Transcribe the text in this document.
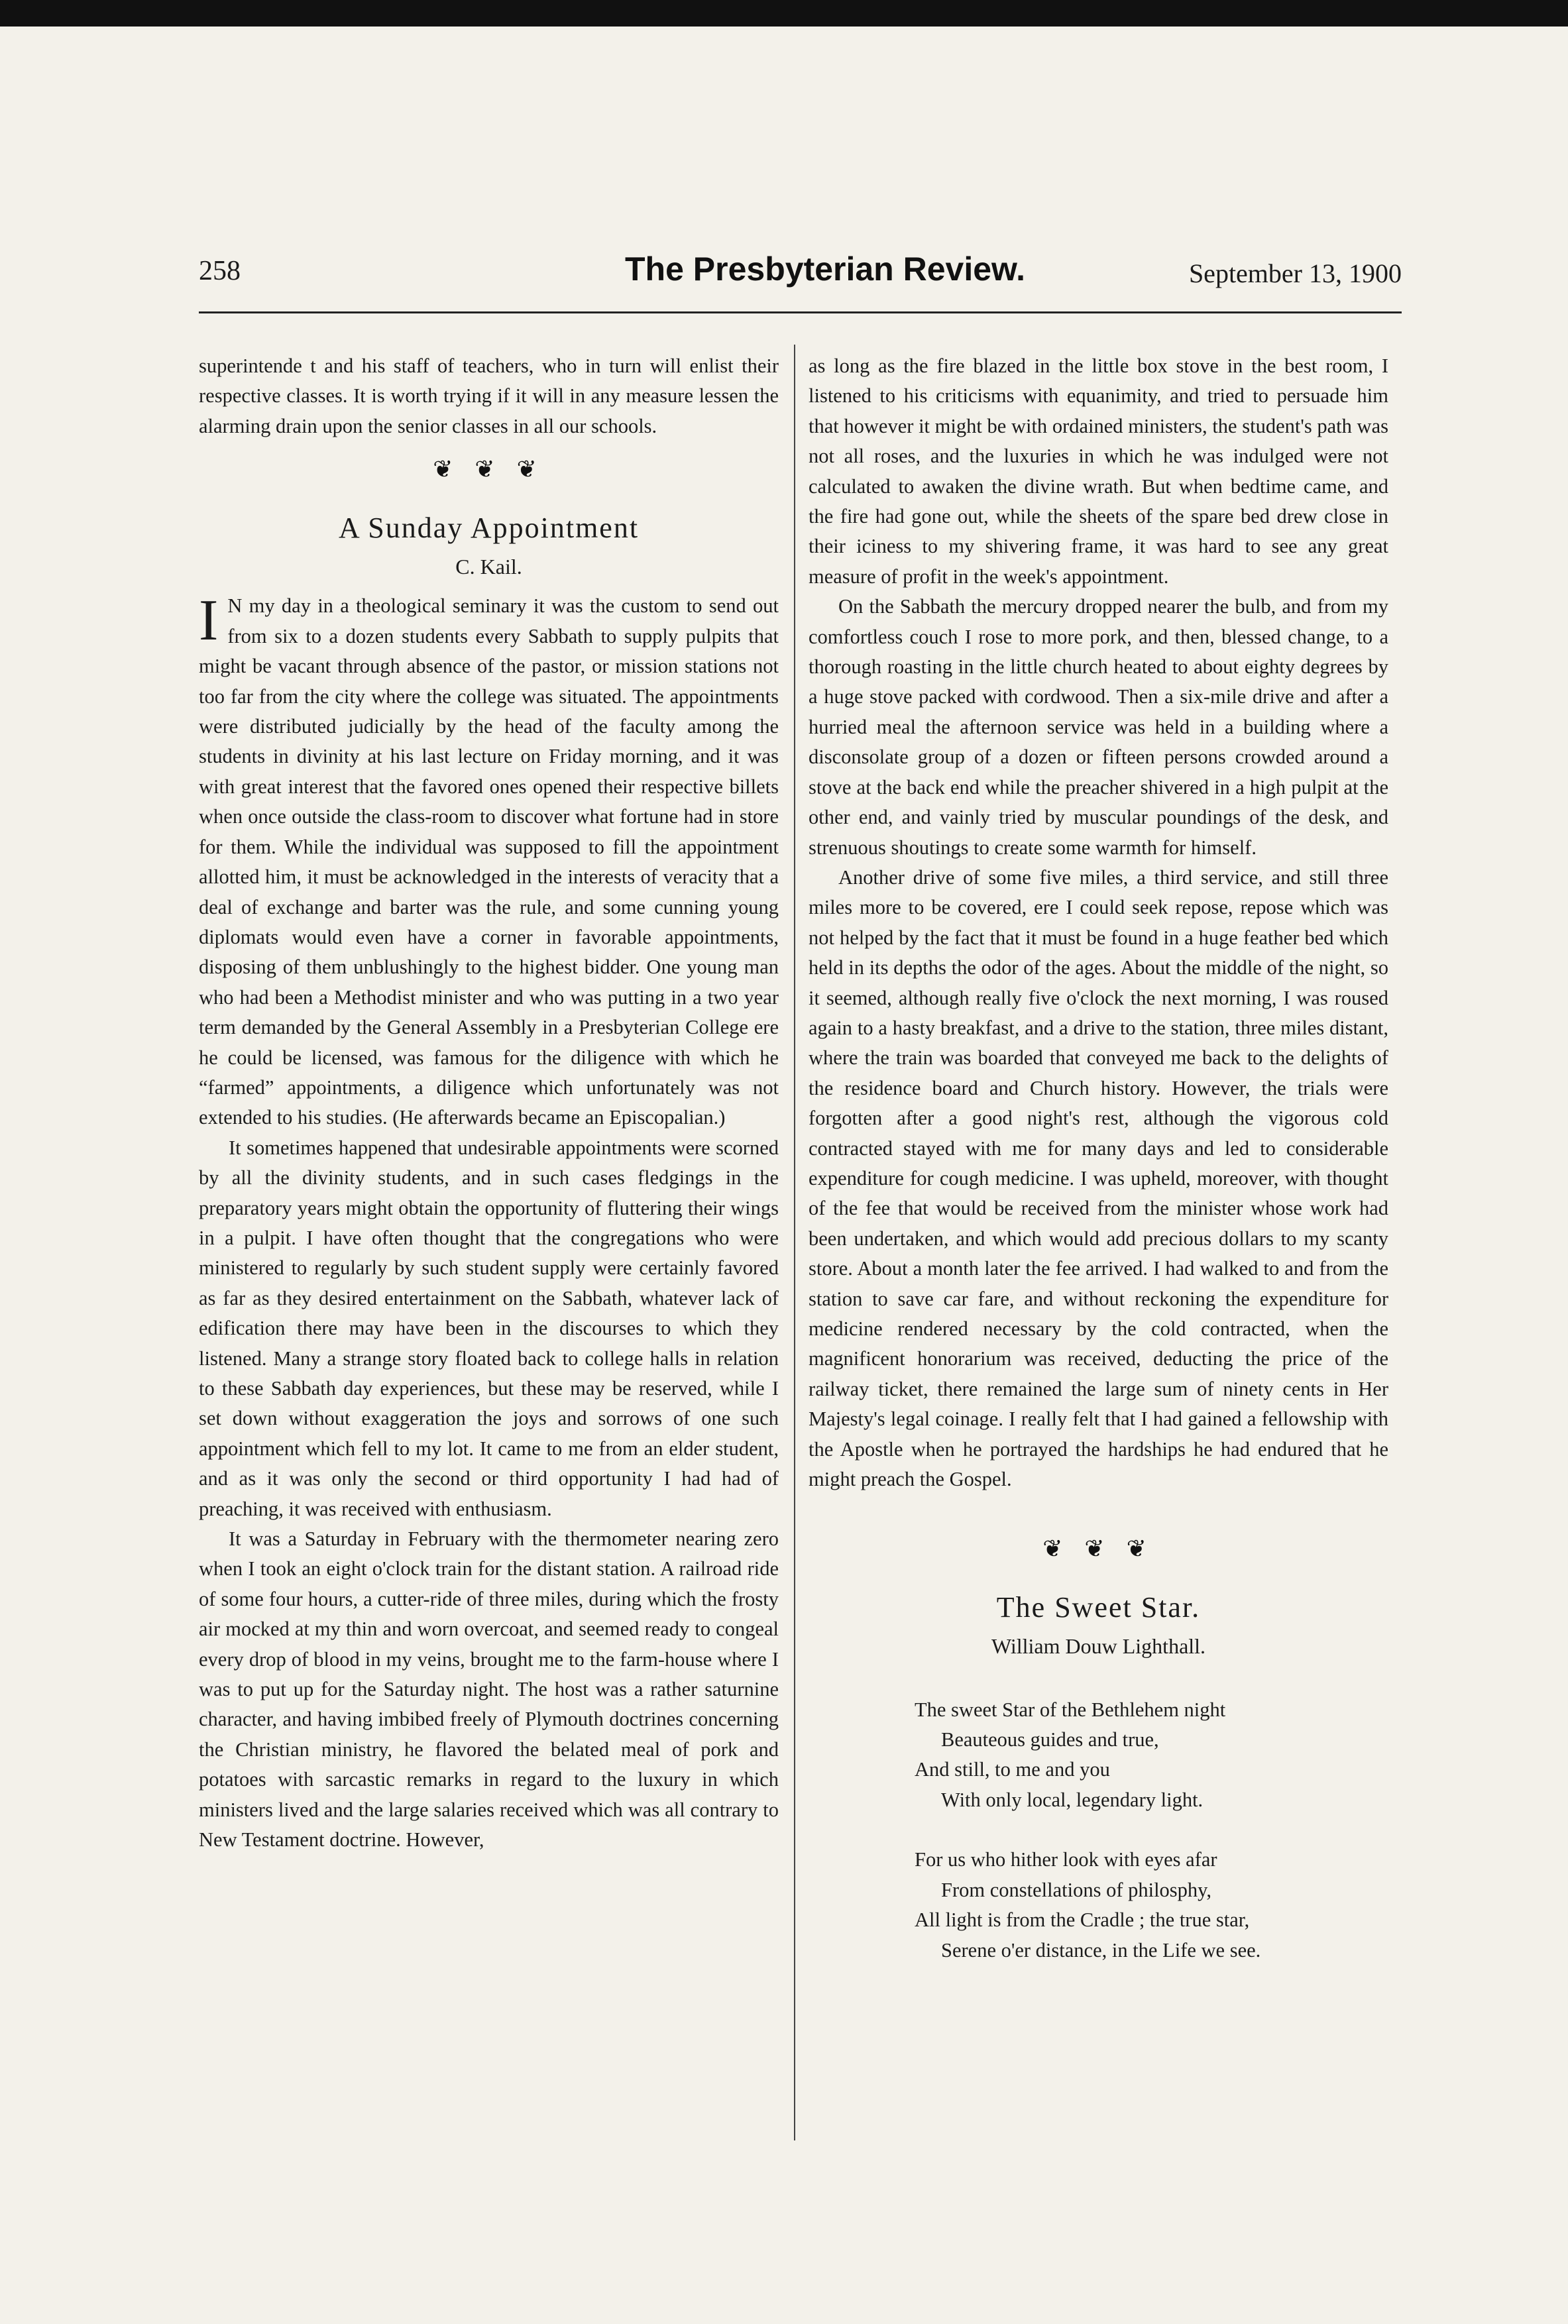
258	The Presbyterian Review.	September 13, 1900

superintende t and his staff of teachers, who in turn will enlist their respective classes. It is worth trying if it will in any measure lessen the alarming drain upon the senior classes in all our schools.

❦ ❦ ❦
A Sunday Appointment
C. Kail.

I N my day in a theological seminary it was the custom to send out from six to a dozen students every Sabbath to supply pulpits that might be vacant through absence of the pastor, or mission stations not too far from the city where the college was situated. The appointments were distributed judicially by the head of the faculty among the students in divinity at his last lecture on Friday morning, and it was with great interest that the favored ones opened their respective billets when once outside the class-room to discover what fortune had in store for them. While the individual was supposed to fill the appointment allotted him, it must be acknowledged in the interests of veracity that a deal of exchange and barter was the rule, and some cunning young diplomats would even have a corner in favorable appointments, disposing of them unblushingly to the highest bidder. One young man who had been a Methodist minister and who was putting in a two year term demanded by the General Assembly in a Presbyterian College ere he could be licensed, was famous for the diligence with which he “farmed” appointments, a diligence which unfortunately was not extended to his studies. (He afterwards became an Episcopalian.)

It sometimes happened that undesirable appointments were scorned by all the divinity students, and in such cases fledgings in the preparatory years might obtain the opportunity of fluttering their wings in a pulpit. I have often thought that the congregations who were ministered to regularly by such student supply were certainly favored as far as they desired entertainment on the Sabbath, whatever lack of edification there may have been in the discourses to which they listened. Many a strange story floated back to college halls in relation to these Sabbath day experiences, but these may be reserved, while I set down without exaggeration the joys and sorrows of one such appointment which fell to my lot. It came to me from an elder student, and as it was only the second or third opportunity I had had of preaching, it was received with enthusiasm.

It was a Saturday in February with the thermometer nearing zero when I took an eight o'clock train for the distant station. A railroad ride of some four hours, a cutter-ride of three miles, during which the frosty air mocked at my thin and worn overcoat, and seemed ready to congeal every drop of blood in my veins, brought me to the farm-house where I was to put up for the Saturday night. The host was a rather saturnine character, and having imbibed freely of Plymouth doctrines concerning the Christian ministry, he flavored the belated meal of pork and potatoes with sarcastic remarks in regard to the luxury in which ministers lived and the large salaries received which was all contrary to New Testament doctrine. However,

as long as the fire blazed in the little box stove in the best room, I listened to his criticisms with equanimity, and tried to persuade him that however it might be with ordained ministers, the student's path was not all roses, and the luxuries in which he was indulged were not calculated to awaken the divine wrath. But when bedtime came, and the fire had gone out, while the sheets of the spare bed drew close in their iciness to my shivering frame, it was hard to see any great measure of profit in the week's appointment.

On the Sabbath the mercury dropped nearer the bulb, and from my comfortless couch I rose to more pork, and then, blessed change, to a thorough roasting in the little church heated to about eighty degrees by a huge stove packed with cordwood. Then a six-mile drive and after a hurried meal the afternoon service was held in a building where a disconsolate group of a dozen or fifteen persons crowded around a stove at the back end while the preacher shivered in a high pulpit at the other end, and vainly tried by muscular poundings of the desk, and strenuous shoutings to create some warmth for himself.

Another drive of some five miles, a third service, and still three miles more to be covered, ere I could seek repose, repose which was not helped by the fact that it must be found in a huge feather bed which held in its depths the odor of the ages. About the middle of the night, so it seemed, although really five o'clock the next morning, I was roused again to a hasty breakfast, and a drive to the station, three miles distant, where the train was boarded that conveyed me back to the delights of the residence board and Church history. However, the trials were forgotten after a good night's rest, although the vigorous cold contracted stayed with me for many days and led to considerable expenditure for cough medicine. I was upheld, moreover, with thought of the fee that would be received from the minister whose work had been undertaken, and which would add precious dollars to my scanty store. About a month later the fee arrived. I had walked to and from the station to save car fare, and without reckoning the expenditure for medicine rendered necessary by the cold contracted, when the magnificent honorarium was received, deducting the price of the railway ticket, there remained the large sum of ninety cents in Her Majesty's legal coinage. I really felt that I had gained a fellowship with the Apostle when he portrayed the hardships he had endured that he might preach the Gospel.

❦ ❦ ❦
The Sweet Star.
William Douw Lighthall.

The sweet Star of the Bethlehem night

Beauteous guides and true,

And still, to me and you

With only local, legendary light.

For us who hither look with eyes afar

From constellations of philosphy,

All light is from the Cradle ; the true star,

Serene o'er distance, in the Life we see.
